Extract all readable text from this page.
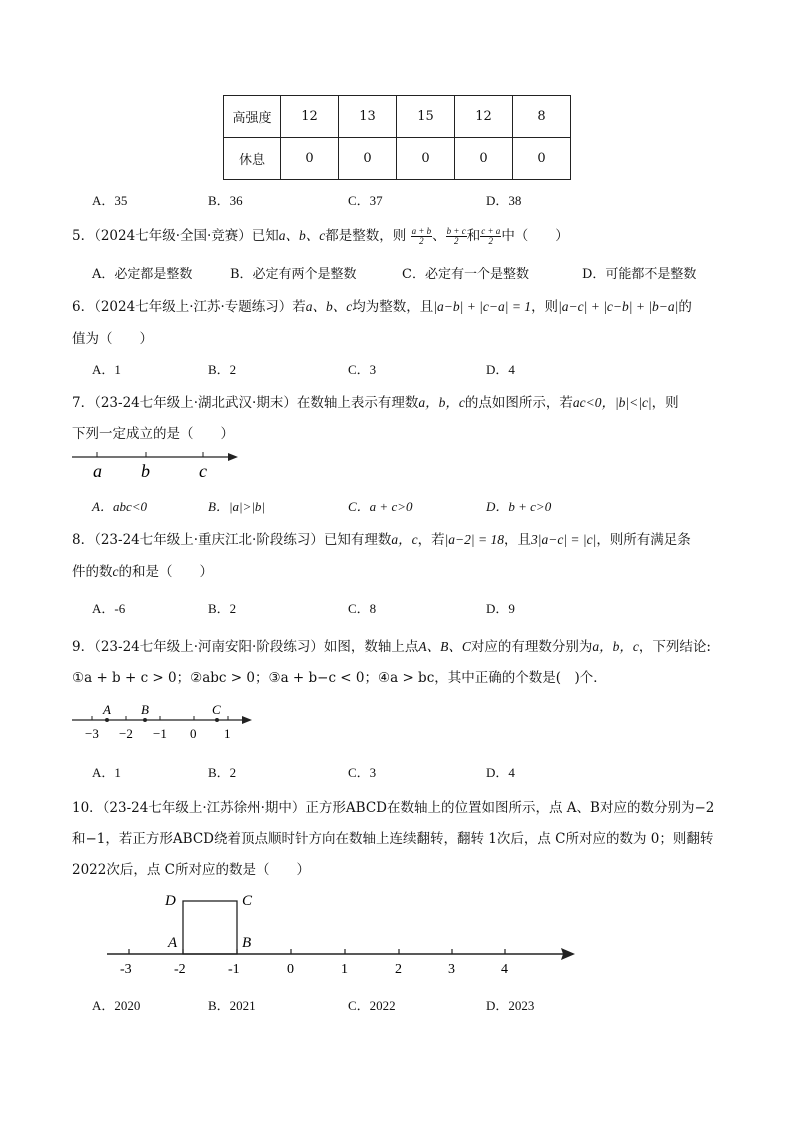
高强度	12	13	15	12	8
休息	0	0	0	0	0
A．35	B．36	C．37	D．38
5．（2024七年级·全国·竞赛）已知a、b、c都是整数，则 $\frac{a + b}{2}$ 、 $\frac{b + c}{2}$ 和 $\frac{c + a}{2}$ 中（　　）
A．必定都是整数	B．必定有两个是整数	C．必定有一个是整数	D．可能都不是整数
6．（2024七年级上·江苏·专题练习）若a、b、c均为整数，且|a−b| + |c−a| = 1，则|a−c| + |c−b| + |b−a|的
值为（　　）
A．1	B．2	C．3	D．4
7．（23-24七年级上·湖北武汉·期末）在数轴上表示有理数a，b，c的点如图所示，若ac<0，|b|<|c|，则
下列一定成立的是（　　）
a b	c
A．abc<0	B．|a|>|b|	C．a + c>0	D．b + c>0
8．（23-24七年级上·重庆江北·阶段练习）已知有理数a，c，若|a−2| = 18，且3|a−c| = |c|，则所有满足条
件的数c的和是（　　）
A．-6	B．2	C．8	D．9
9．（23-24七年级上·河南安阳·阶段练习）如图，数轴上点A、B、C对应的有理数分别为a，b，c，下列结论:
①a + b + c > 0；②abc > 0；③a + b−c < 0；④a > bc，其中正确的个数是(　)个．
A B	C
−3 −2 −1 0 1
A．1	B．2	C．3	D．4
10．（23-24七年级上·江苏徐州·期中）正方形ABCD在数轴上的位置如图所示，点 A、B对应的数分别为−2
和−1，若正方形ABCD绕着顶点顺时针方向在数轴上连续翻转，翻转 1次后，点 C所对应的数为 0；则翻转
2022次后，点 C所对应的数是（　　）
D	C
A	B
-3	-2	-1	0	1	2	3	4
A．2020	B．2021	C．2022	D．2023
